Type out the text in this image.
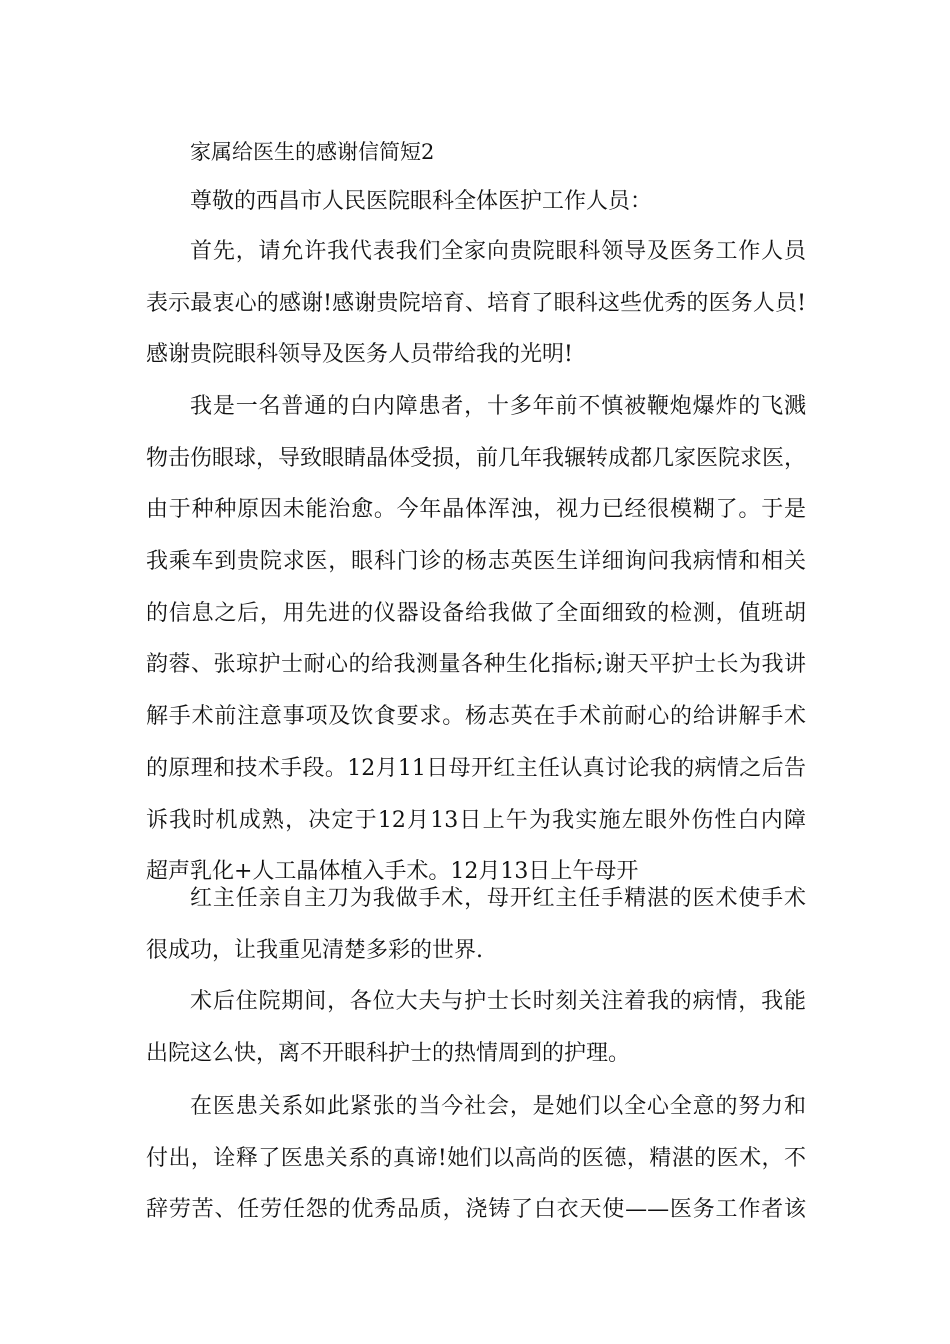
家属给医生的感谢信简短2
尊敬的西昌市人民医院眼科全体医护工作人员：
首先，请允许我代表我们全家向贵院眼科领导及医务工作人员
表示最衷心的感谢!感谢贵院培育、培育了眼科这些优秀的医务人员!
感谢贵院眼科领导及医务人员带给我的光明!
我是一名普通的白内障患者，十多年前不慎被鞭炮爆炸的飞溅
物击伤眼球，导致眼睛晶体受损，前几年我辗转成都几家医院求医，
由于种种原因未能治愈。今年晶体浑浊，视力已经很模糊了。于是
我乘车到贵院求医，眼科门诊的杨志英医生详细询问我病情和相关
的信息之后，用先进的仪器设备给我做了全面细致的检测，值班胡
韵蓉、张琼护士耐心的给我测量各种生化指标;谢天平护士长为我讲
解手术前注意事项及饮食要求。杨志英在手术前耐心的给讲解手术
的原理和技术手段。12月11日母开红主任认真讨论我的病情之后告
诉我时机成熟，决定于12月13日上午为我实施左眼外伤性白内障
超声乳化+人工晶体植入手术。12月13日上午母开
红主任亲自主刀为我做手术，母开红主任手精湛的医术使手术
很成功，让我重见清楚多彩的世界.
术后住院期间，各位大夫与护士长时刻关注着我的病情，我能
出院这么快，离不开眼科护士的热情周到的护理。
在医患关系如此紧张的当今社会，是她们以全心全意的努力和
付出，诠释了医患关系的真谛!她们以高尚的医德，精湛的医术，不
辞劳苦、任劳任怨的优秀品质，浇铸了白衣天使——医务工作者该
